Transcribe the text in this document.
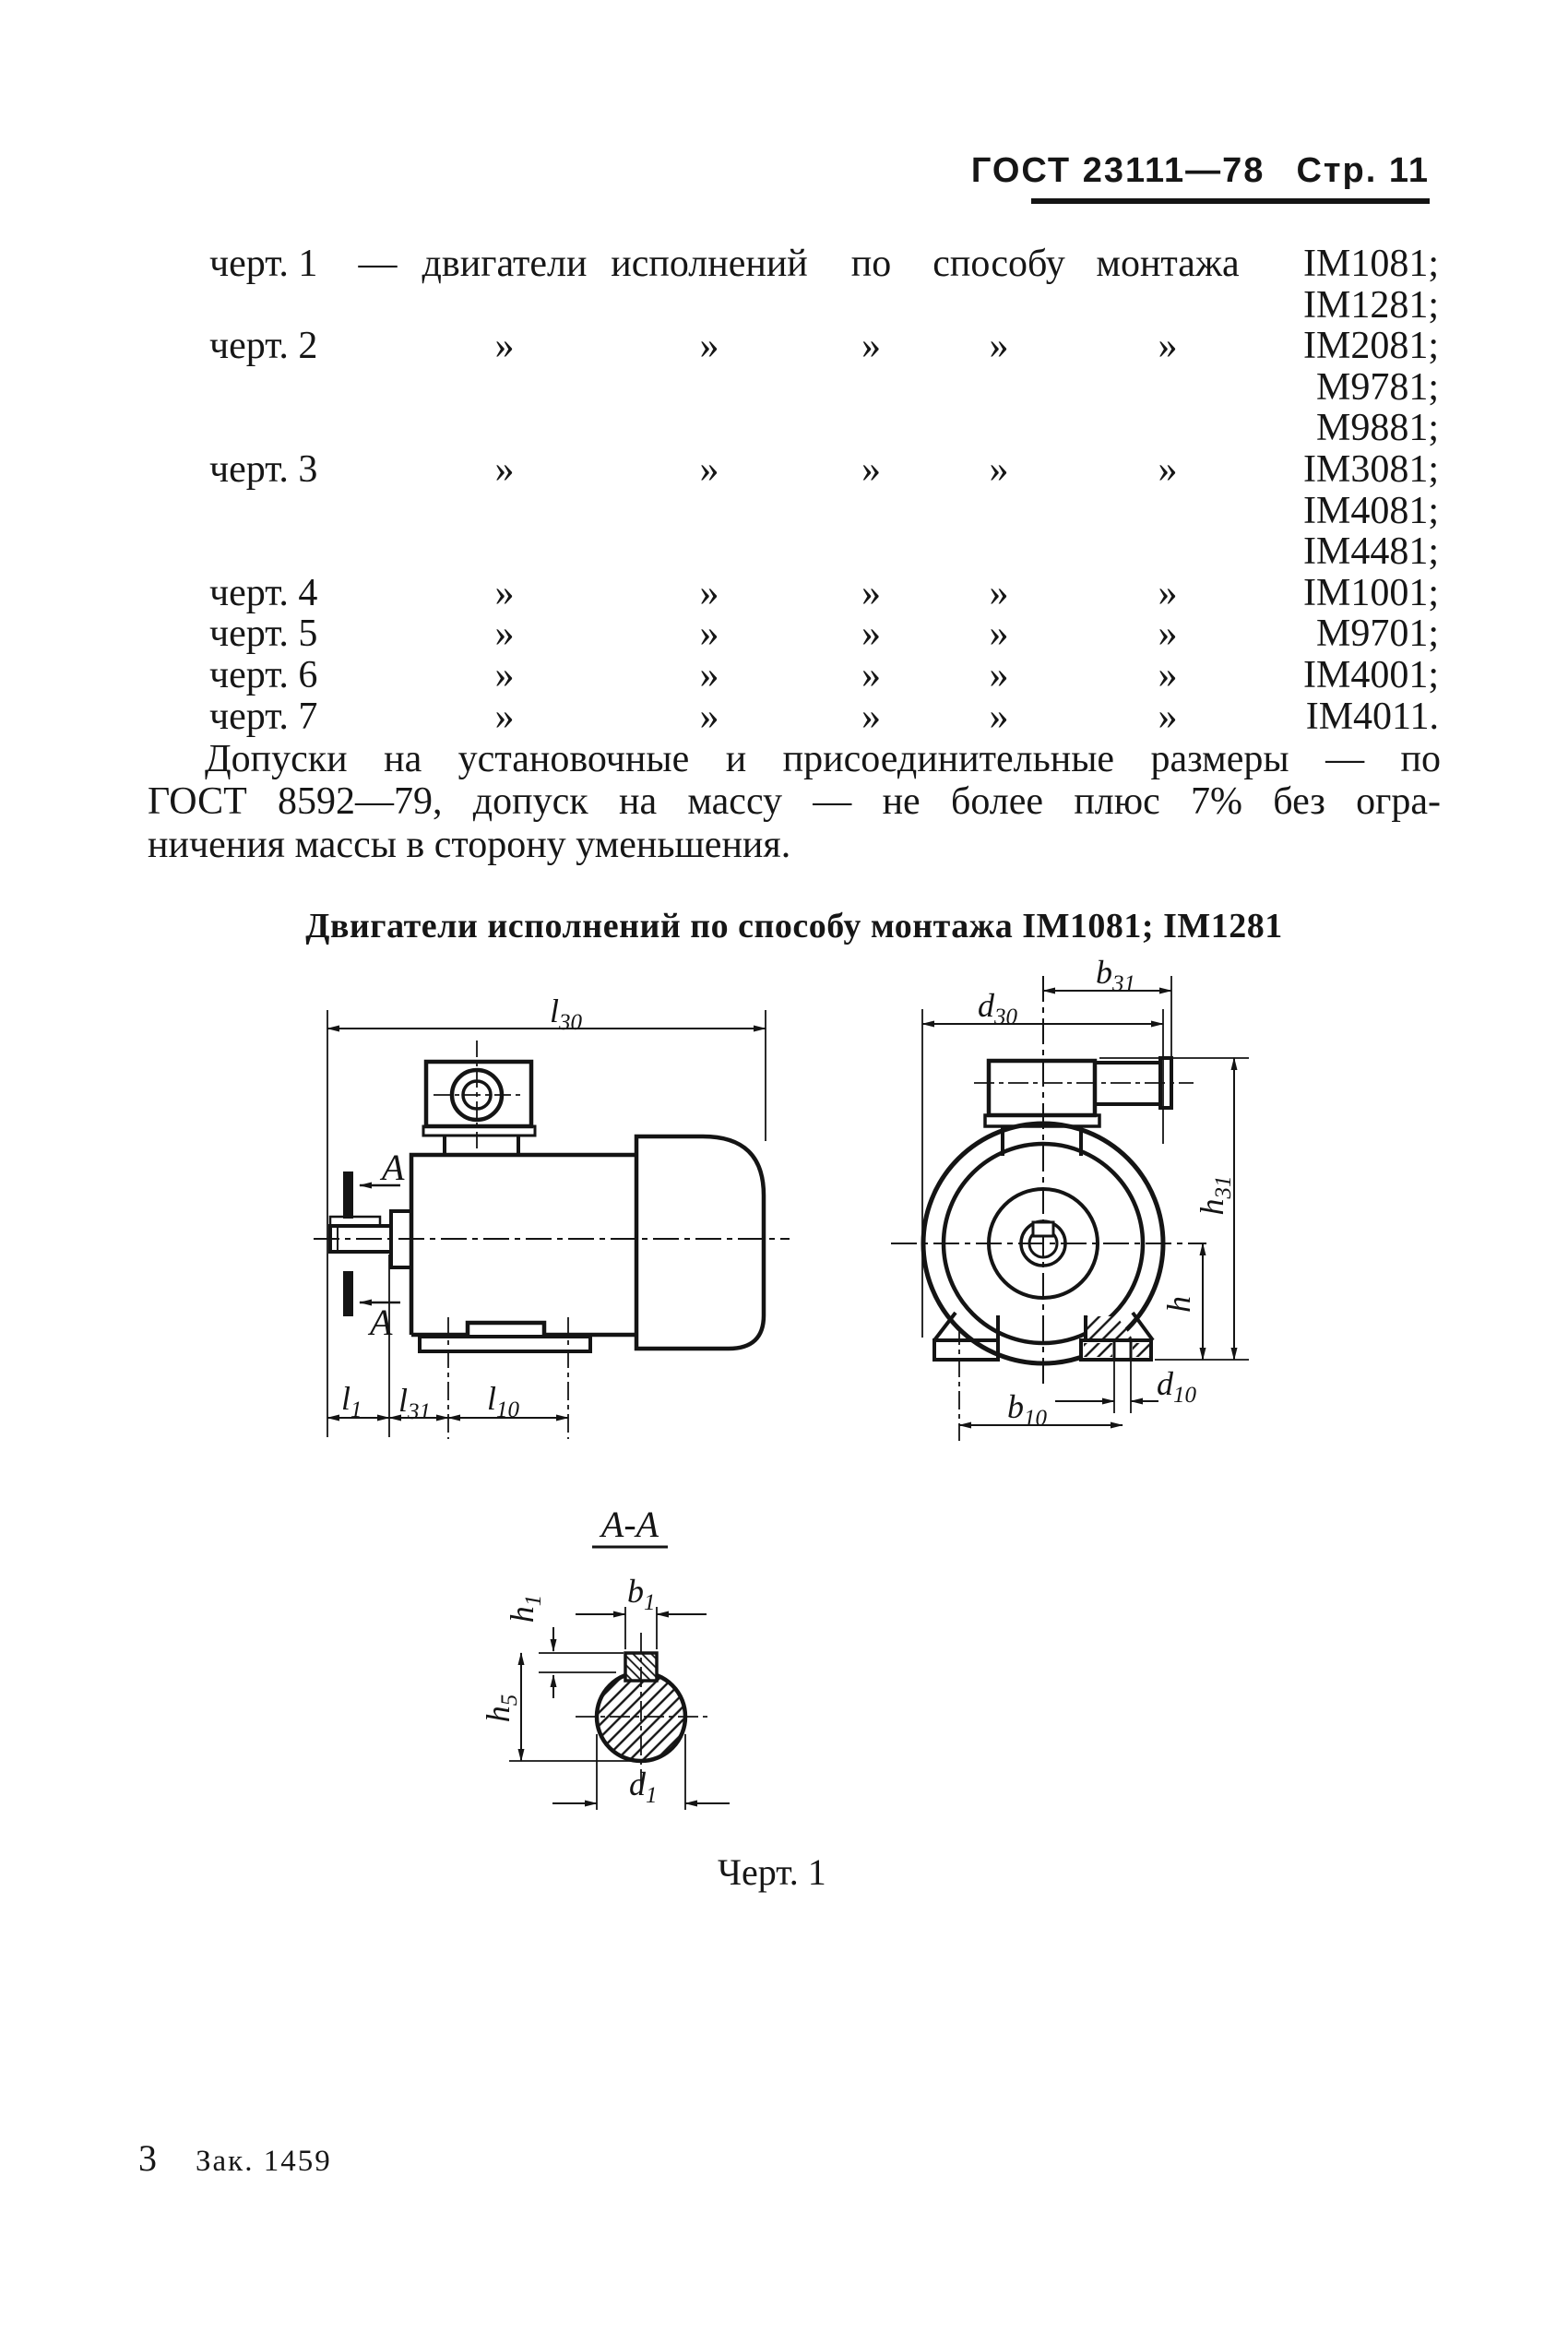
ГОСТ 23111—78 Стр. 11
черт. 1	— двигатели исполнений	по	способу монтажа	IM1081;
IM1281;
черт. 2	»	»	»	»	»	IM2081;
М9781;
М9881;
черт. 3	»	»	»	»	»	IM3081;
IM4081;
IM4481;
черт. 4	»	»	»	»	»	IM1001;
черт. 5	»	»	»	»	»	М9701;
черт. 6	»	»	»	»	»	IM4001;
черт. 7	»	»	»	»	»	IM4011.
Допуски на установочные и присоединительные размеры — по
ГОСТ 8592—79, допуск на массу — не более плюс 7% без огра-
ничения массы в сторону уменьшения.
Двигатели исполнений по способу монтажа IM1081; IM1281
A
A
$l_{30}$
$l_1$ $l_{31}$ $l_{10}$
$b_{31}$
$d_{30}$
$h_{31}$
h
$b_{10}$
$d_{10}$
A-A
$b_1$
$h_1$
$h_5$
$d_1$
Черт. 1
3 Зак. 1459
